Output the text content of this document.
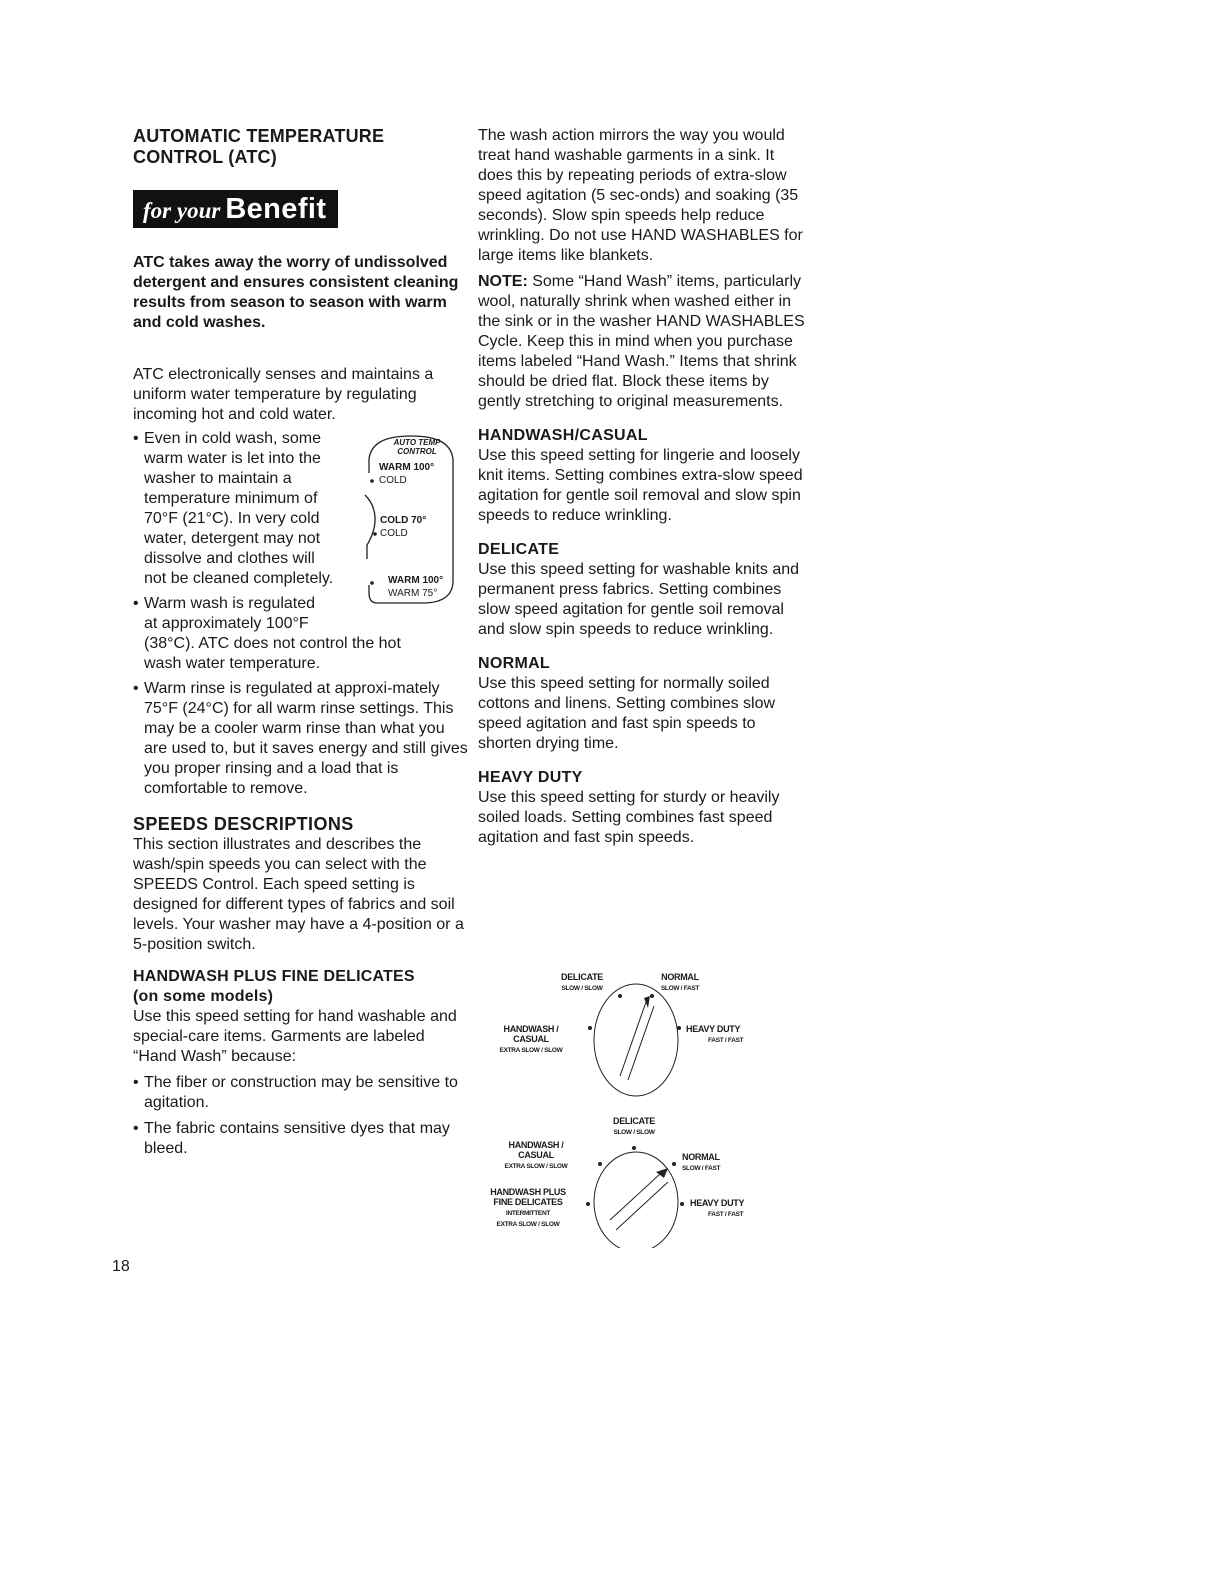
AUTOMATIC TEMPERATURE
CONTROL (ATC)
for your Benefit

ATC takes away the worry of undissolved detergent and ensures consistent cleaning results from season to season with warm and cold washes.

ATC electronically senses and maintains a uniform water temperature by regulating incoming hot and cold water.

• Even in cold wash, some
warm water is let into the
washer to maintain a
temperature minimum of
70°F (21°C). In very cold
water, detergent may not
dissolve and clothes will
not be cleaned completely.
• Warm wash is regulated
at approximately 100°F
(38°C). ATC does not control the hot
wash water temperature.
• Warm rinse is regulated at approxi-mately 75°F (24°C) for all warm rinse settings. This may be a cooler warm rinse than what you are used to, but it saves energy and still gives you proper rinsing and a load that is comfortable to remove.
AUTO TEMP
CONTROL
WARM 100°
COLD
COLD 70°
COLD
WARM 100°
WARM 75°
SPEEDS DESCRIPTIONS

This section illustrates and describes the wash/spin speeds you can select with the SPEEDS Control. Each speed setting is designed for different types of fabrics and soil levels. Your washer may have a 4-position or a 5-position switch.

HANDWASH PLUS FINE DELICATES
(on some models)

Use this speed setting for hand washable and special-care items. Garments are labeled “Hand Wash” because:

• The fiber or construction may be sensitive to agitation.
• The fabric contains sensitive dyes that may bleed.

The wash action mirrors the way you would treat hand washable garments in a sink. It does this by repeating periods of extra-slow speed agitation (5 sec-onds) and soaking (35 seconds). Slow spin speeds help reduce wrinkling. Do not use HAND WASHABLES for large items like blankets.

NOTE: Some “Hand Wash” items, particularly wool, naturally shrink when washed either in the sink or in the washer HAND WASHABLES Cycle. Keep this in mind when you purchase items labeled “Hand Wash.” Items that shrink should be dried flat. Block these items by gently stretching to original measurements.

HANDWASH/CASUAL

Use this speed setting for lingerie and loosely knit items. Setting combines extra-slow speed agitation for gentle soil removal and slow spin speeds to reduce wrinkling.

DELICATE

Use this speed setting for washable knits and permanent press fabrics. Setting combines slow speed agitation for gentle soil removal and slow spin speeds to reduce wrinkling.

NORMAL

Use this speed setting for normally soiled cottons and linens. Setting combines slow speed agitation and fast spin speeds to shorten drying time.

HEAVY DUTY

Use this speed setting for sturdy or heavily soiled loads. Setting combines fast speed agitation and fast spin speeds.

DELICATE
SLOW / SLOW
NORMAL
SLOW / FAST
HANDWASH /
CASUAL
EXTRA SLOW / SLOW
HEAVY DUTY
FAST / FAST
DELICATE
SLOW / SLOW
HANDWASH /
CASUAL
EXTRA SLOW / SLOW
NORMAL
SLOW / FAST
HANDWASH PLUS
FINE DELICATES
INTERMITTENT
EXTRA SLOW / SLOW
HEAVY DUTY
FAST / FAST
18
